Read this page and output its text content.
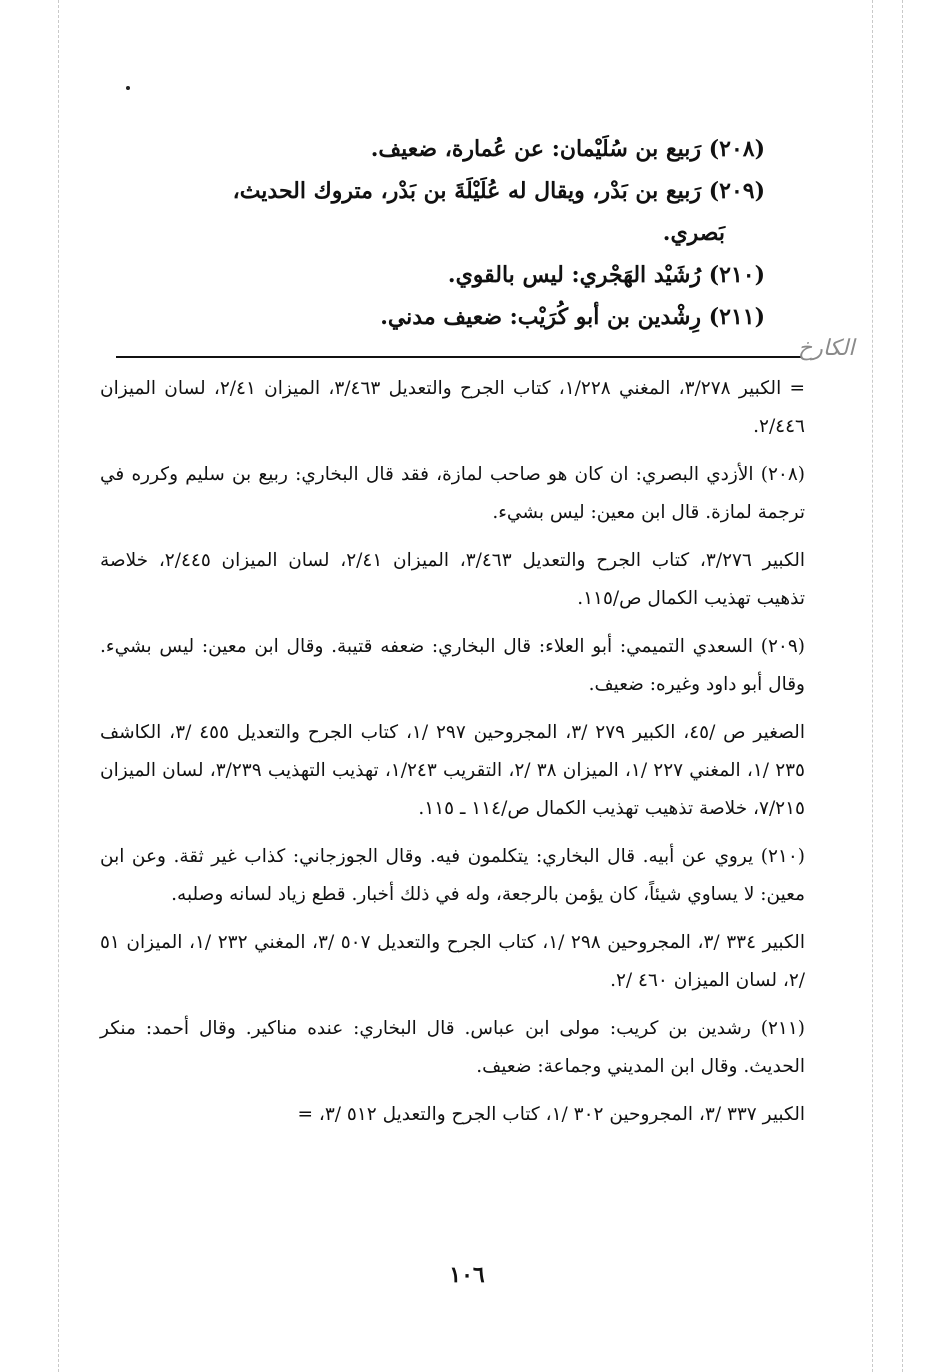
(٢٠٨) رَبيع بن سُلَيْمان: عن عُمارة، ضعيف.

(٢٠٩) رَبيع بن بَدْر، ويقال له عُلَيْلَةَ بن بَدْر، متروك الحديث،

بَصري.

(٢١٠) رُشَيْد الهَجْري: ليس بالقوي.

(٢١١) رِشْدين بن أبو كُرَيْب: ضعيف مدني.

الكارخ

= الكبير ٣/٢٧٨، المغني ١/٢٢٨، كتاب الجرح والتعديل ٣/٤٦٣، الميزان ٢/٤١، لسان الميزان ٢/٤٤٦.

(٢٠٨) الأزدي البصري: ان كان هو صاحب لمازة، فقد قال البخاري: ربيع بن سليم وكرره في ترجمة لمازة. قال ابن معين: ليس بشيء.

الكبير ٣/٢٧٦، كتاب الجرح والتعديل ٣/٤٦٣، الميزان ٢/٤١، لسان الميزان ٢/٤٤٥، خلاصة تذهيب تهذيب الكمال ص/١١٥.

(٢٠٩) السعدي التميمي: أبو العلاء: قال البخاري: ضعفه قتيبة. وقال ابن معين: ليس بشيء. وقال أبو داود وغيره: ضعيف.

الصغير ص /٤٥، الكبير ٢٧٩ /٣، المجروحين ٢٩٧ /١، كتاب الجرح والتعديل ٤٥٥ /٣، الكاشف ٢٣٥ /١، المغني ٢٢٧ /١، الميزان ٣٨ /٢، التقريب ١/٢٤٣، تهذيب التهذيب ٣/٢٣٩، لسان الميزان ٧/٢١٥، خلاصة تذهيب تهذيب الكمال ص/١١٤ ـ ١١٥.

(٢١٠) يروي عن أبيه. قال البخاري: يتكلمون فيه. وقال الجوزجاني: كذاب غير ثقة. وعن ابن معين: لا يساوي شيئاً، كان يؤمن بالرجعة، وله في ذلك أخبار. قطع زياد لسانه وصلبه.

الكبير ٣٣٤ /٣، المجروحين ٢٩٨ /١، كتاب الجرح والتعديل ٥٠٧ /٣، المغني ٢٣٢ /١، الميزان ٥١ /٢، لسان الميزان ٤٦٠ /٢.

(٢١١) رشدين بن كريب: مولى ابن عباس. قال البخاري: عنده مناكير. وقال أحمد: منكر الحديث. وقال ابن المديني وجماعة: ضعيف.

الكبير ٣٣٧ /٣، المجروحين ٣٠٢ /١، كتاب الجرح والتعديل ٥١٢ /٣، =

١٠٦
